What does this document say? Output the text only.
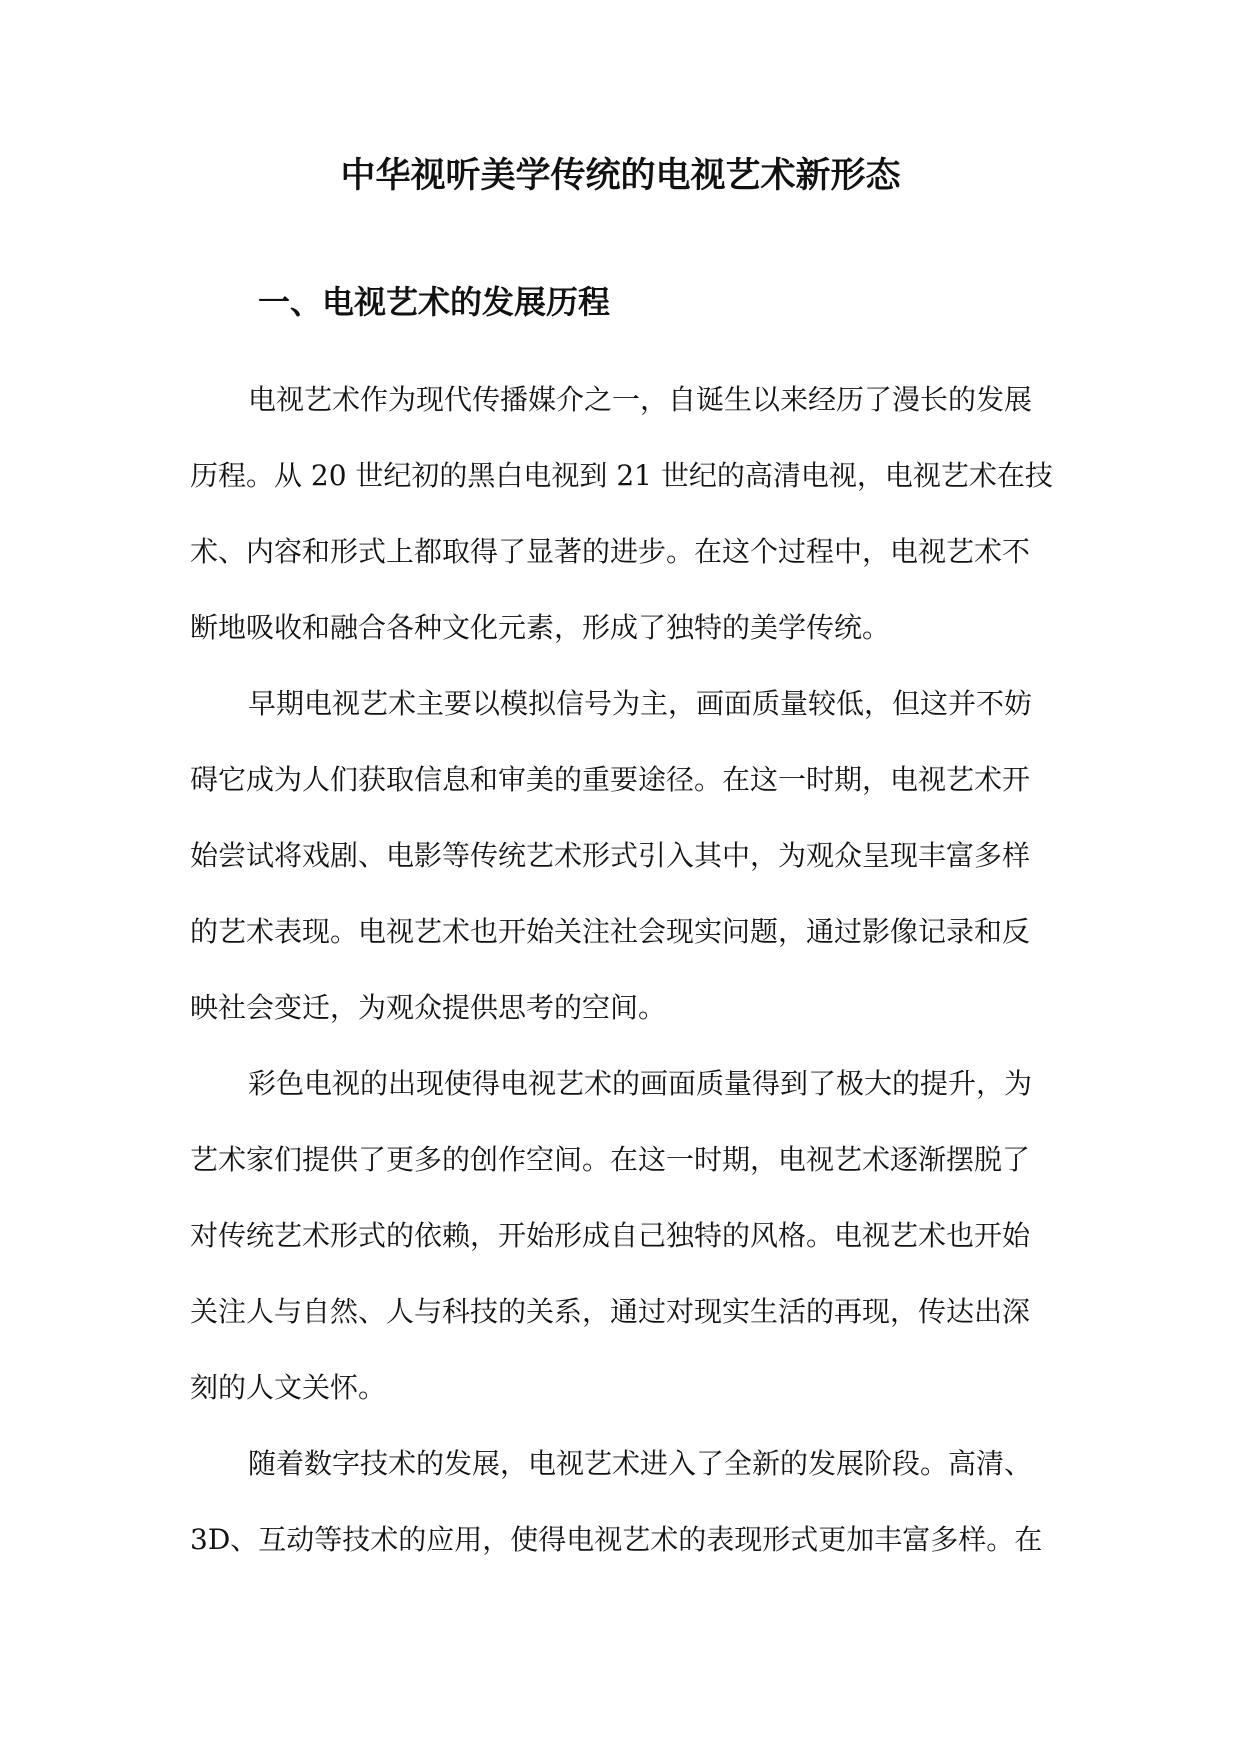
中华视听美学传统的电视艺术新形态
一、电视艺术的发展历程

电视艺术作为现代传播媒介之一，自诞生以来经历了漫长的发展
历程。从 20 世纪初的黑白电视到 21 世纪的高清电视，电视艺术在技
术、内容和形式上都取得了显著的进步。在这个过程中，电视艺术不
断地吸收和融合各种文化元素，形成了独特的美学传统。

早期电视艺术主要以模拟信号为主，画面质量较低，但这并不妨
碍它成为人们获取信息和审美的重要途径。在这一时期，电视艺术开
始尝试将戏剧、电影等传统艺术形式引入其中，为观众呈现丰富多样
的艺术表现。电视艺术也开始关注社会现实问题，通过影像记录和反
映社会变迁，为观众提供思考的空间。

彩色电视的出现使得电视艺术的画面质量得到了极大的提升，为
艺术家们提供了更多的创作空间。在这一时期，电视艺术逐渐摆脱了
对传统艺术形式的依赖，开始形成自己独特的风格。电视艺术也开始
关注人与自然、人与科技的关系，通过对现实生活的再现，传达出深
刻的人文关怀。

随着数字技术的发展，电视艺术进入了全新的发展阶段。高清、
3D、互动等技术的应用，使得电视艺术的表现形式更加丰富多样。在
